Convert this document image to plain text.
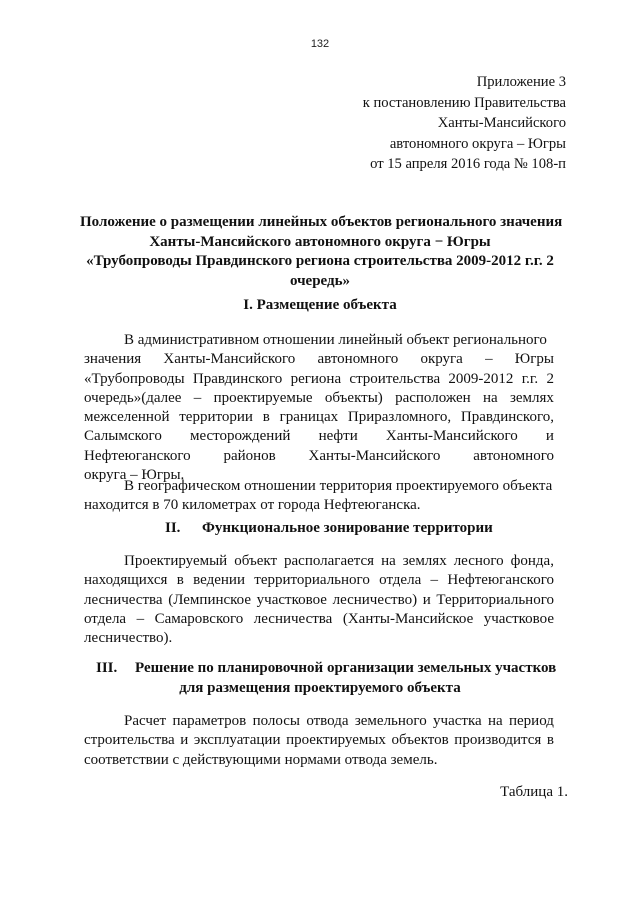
132
Приложение 3
к постановлению Правительства
Ханты-Мансийского
автономного округа – Югры
от 15 апреля 2016 года № 108-п
Положение о размещении линейных объектов регионального значения
Ханты-Мансийского автономного округа − Югры
«Трубопроводы Правдинского региона строительства 2009-2012 г.г. 2
очередь»
I. Размещение объекта
В административном отношении линейный объект регионального
значения Ханты-Мансийского автономного округа – Югры
«Трубопроводы Правдинского региона строительства 2009-2012 г.г. 2
очередь»(далее – проектируемые объекты) расположен на землях
межселенной территории в границах Приразломного, Правдинского,
Салымского месторождений нефти Ханты-Мансийского и
Нефтеюганского районов Ханты-Мансийского автономного
округа – Югры.
В географическом отношении территория проектируемого объекта
находится в 70 километрах от города Нефтеюганска.
II. Функциональное зонирование территории
Проектируемый объект располагается на землях лесного фонда,
находящихся в ведении территориального отдела – Нефтеюганского
лесничества (Лемпинское участковое лесничество) и Территориального
отдела – Самаровского лесничества (Ханты-Мансийское участковое
лесничество).
III. Решение по планировочной организации земельных участков
для размещения проектируемого объекта
Расчет параметров полосы отвода земельного участка на период
строительства и эксплуатации проектируемых объектов производится в
соответствии с действующими нормами отвода земель.
Таблица 1.
